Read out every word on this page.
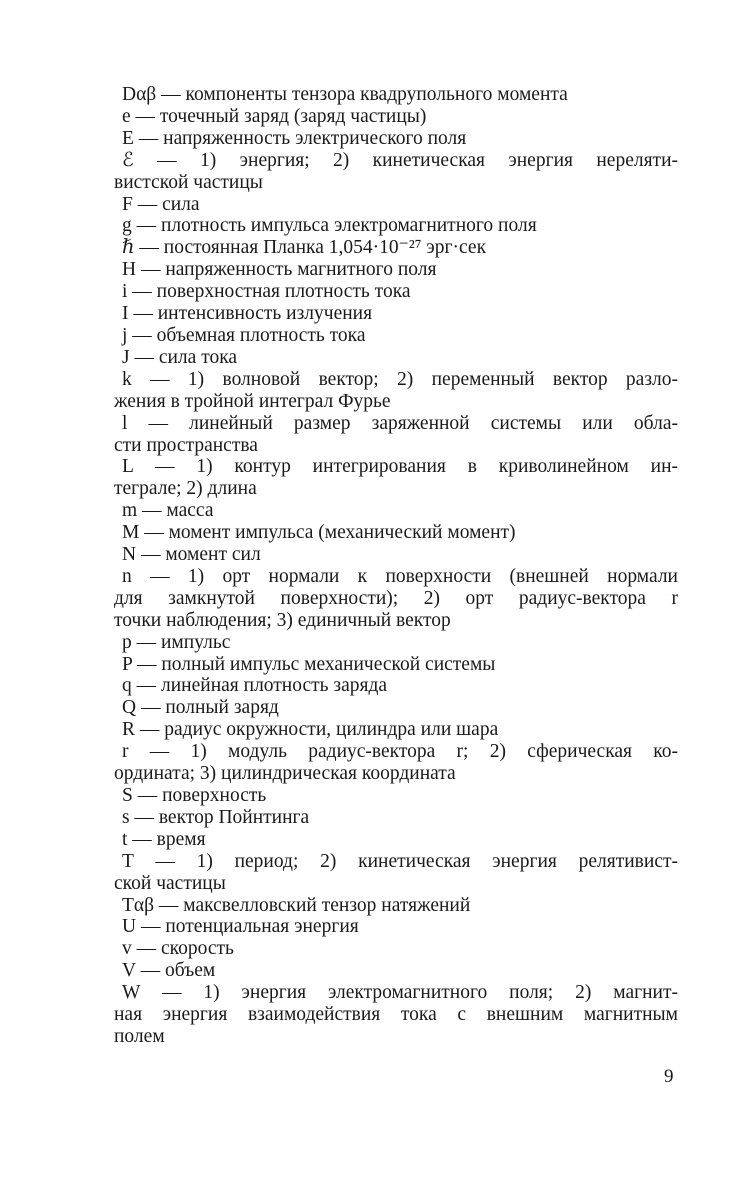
Dαβ — компоненты тензора квадрупольного момента

e — точечный заряд (заряд частицы)

E — напряженность электрического поля

ℰ — 1) энергия; 2) кинетическая энергия нереляти-
вистской частицы

F — сила

g — плотность импульса электромагнитного поля

ℏ — постоянная Планка 1,054·10⁻²⁷ эрг·сек

H — напряженность магнитного поля

i — поверхностная плотность тока

I — интенсивность излучения

j — объемная плотность тока

J — сила тока

k — 1) волновой вектор; 2) переменный вектор разло-
жения в тройной интеграл Фурье

l — линейный размер заряженной системы или обла-
сти пространства

L — 1) контур интегрирования в криволинейном ин-
теграле; 2) длина

m — масса

M — момент импульса (механический момент)

N — момент сил

n — 1) орт нормали к поверхности (внешней нормали
для замкнутой поверхности); 2) орт радиус-вектора r
точки наблюдения; 3) единичный вектор

p — импульс

P — полный импульс механической системы

q — линейная плотность заряда

Q — полный заряд

R — радиус окружности, цилиндра или шара

r — 1) модуль радиус-вектора r; 2) сферическая ко-
ордината; 3) цилиндрическая координата

S — поверхность

s — вектор Пойнтинга

t — время

T — 1) период; 2) кинетическая энергия релятивист-
ской частицы

Tαβ — максвелловский тензор натяжений

U — потенциальная энергия

v — скорость

V — объем

W — 1) энергия электромагнитного поля; 2) магнит-
ная энергия взаимодействия тока с внешним магнитным
полем

9
